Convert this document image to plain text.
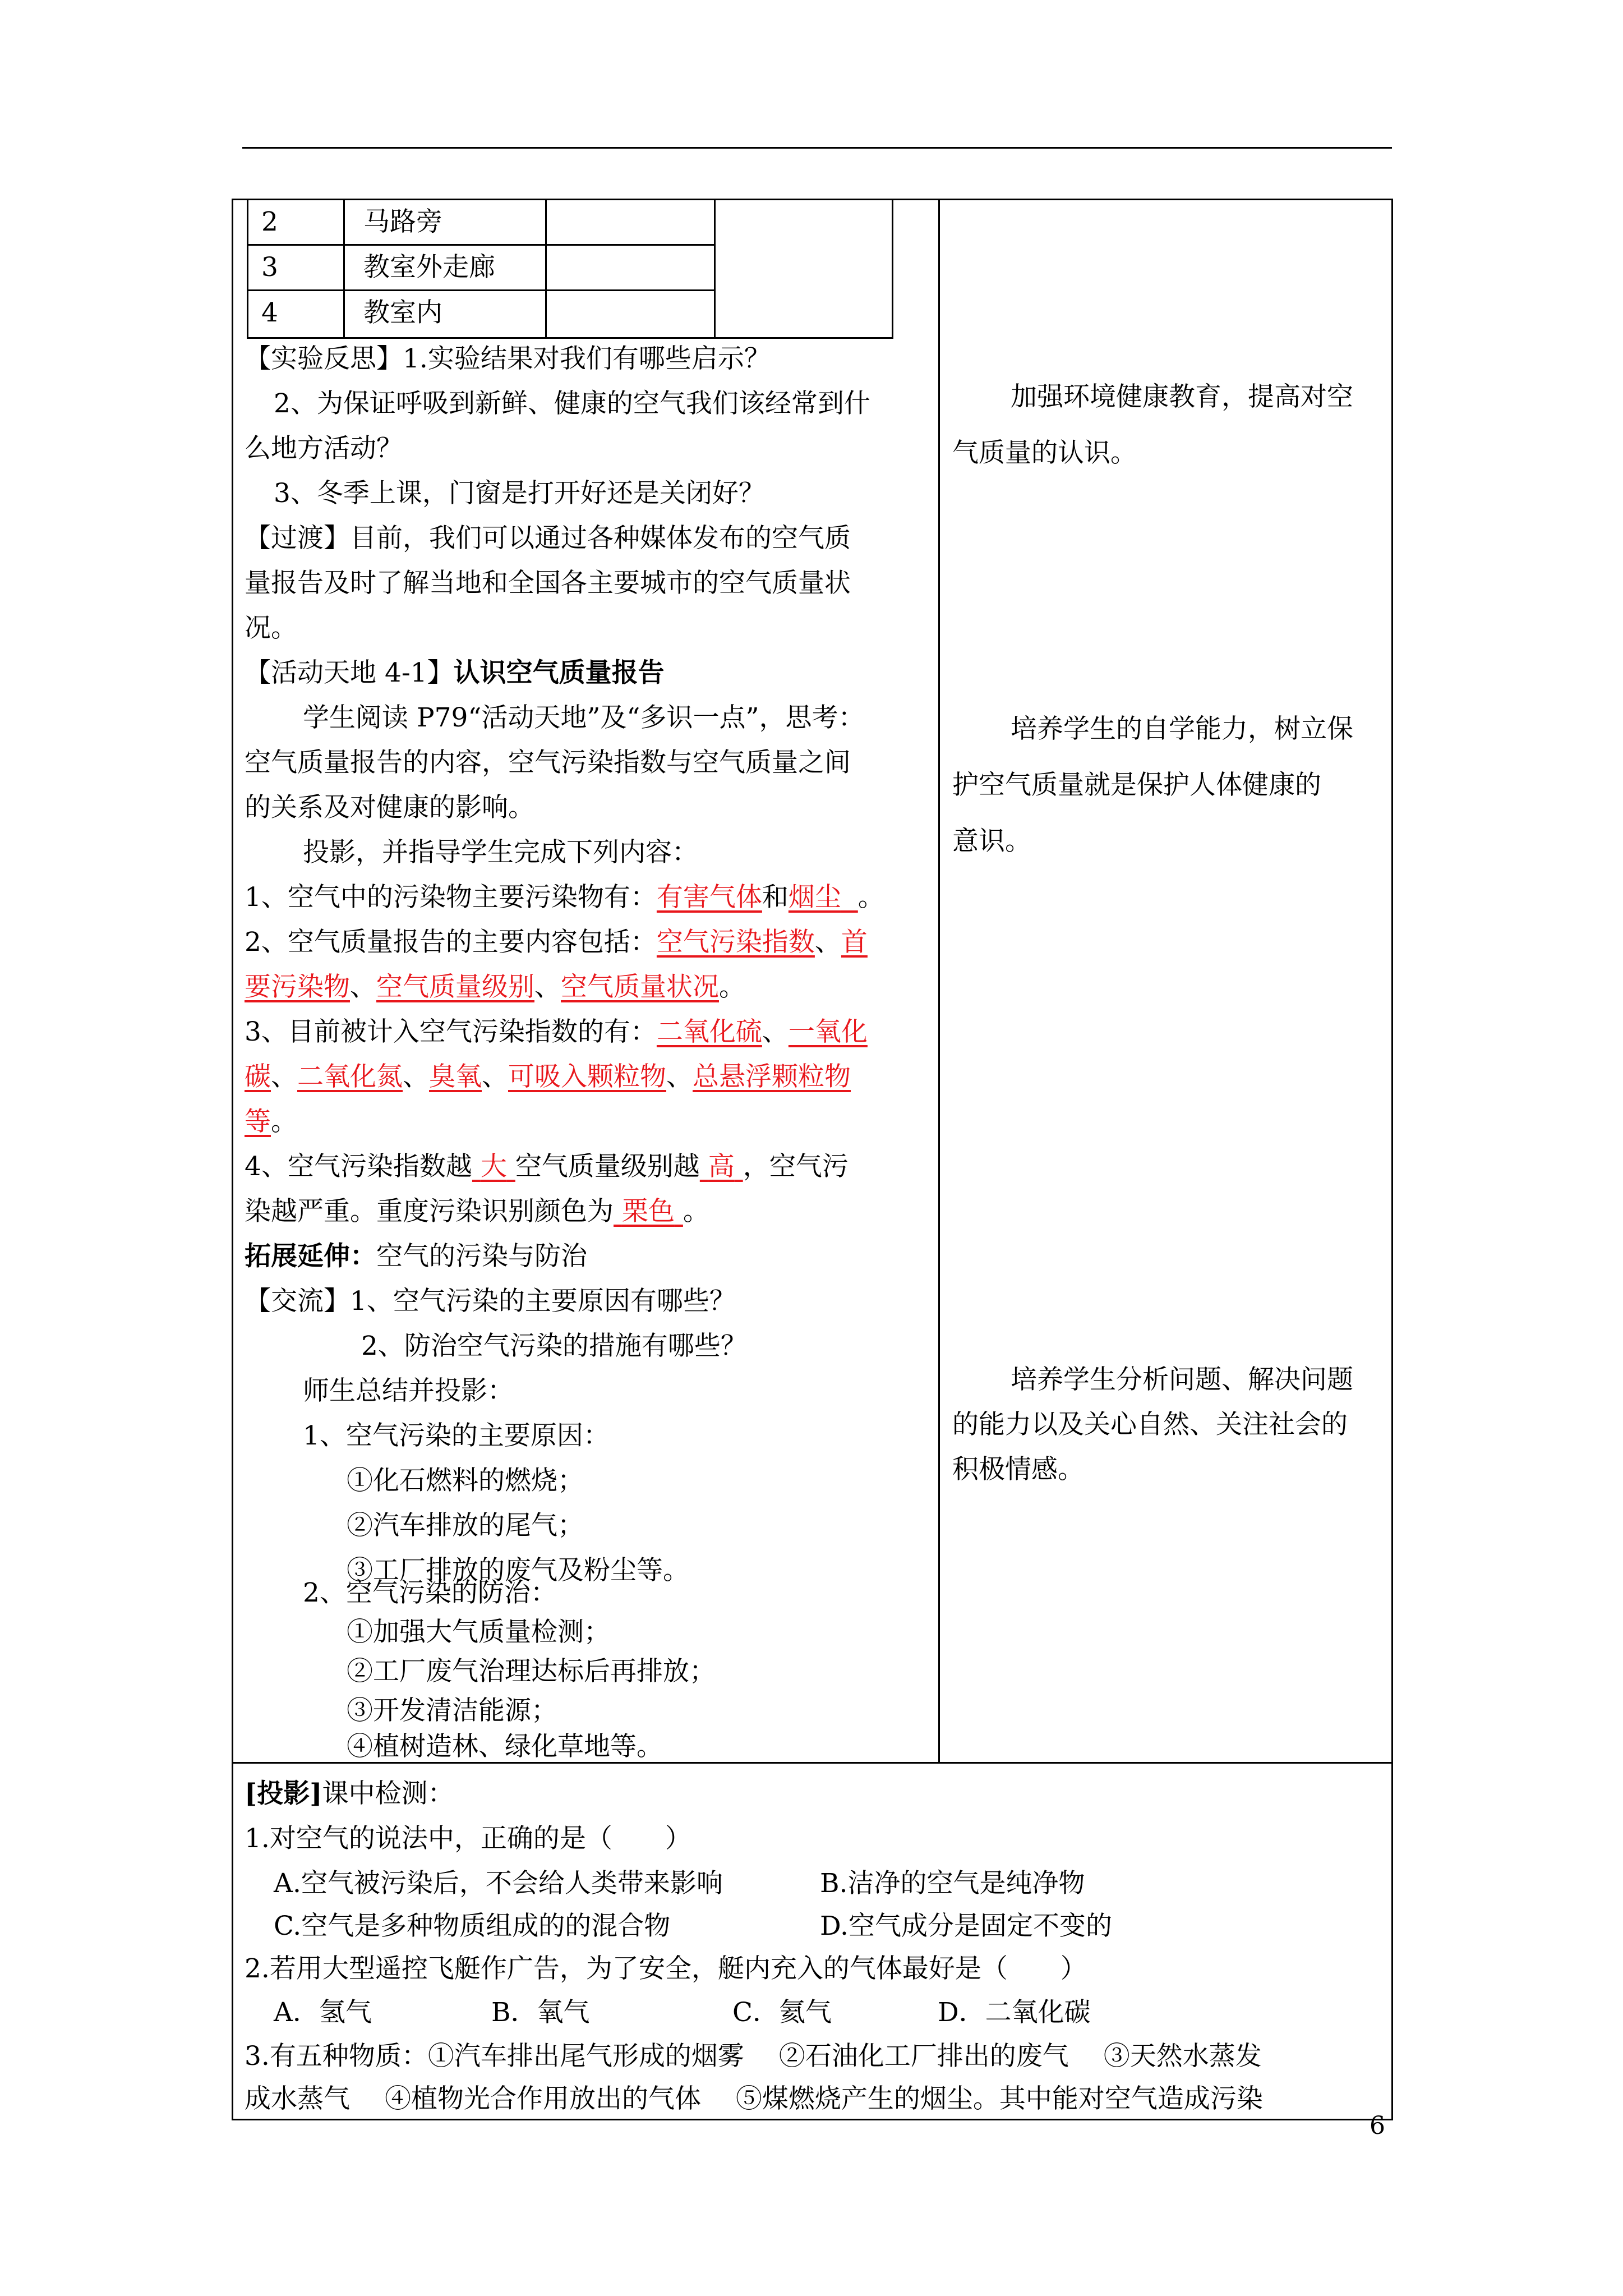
2	马路旁
3	教室外走廊
4	教室内
【实验反思】1.实验结果对我们有哪些启示？
2、为保证呼吸到新鲜、健康的空气我们该经常到什
么地方活动？
3、冬季上课，门窗是打开好还是关闭好？
【过渡】目前，我们可以通过各种媒体发布的空气质
量报告及时了解当地和全国各主要城市的空气质量状
况。
【活动天地 4-1】认识空气质量报告
学生阅读 P79“活动天地”及“多识一点”，思考：
空气质量报告的内容，空气污染指数与空气质量之间
的关系及对健康的影响。
投影，并指导学生完成下列内容：
1、空气中的污染物主要污染物有：有害气体和烟尘 。
2、空气质量报告的主要内容包括：空气污染指数、首
要污染物、空气质量级别、空气质量状况。
3、目前被计入空气污染指数的有：二氧化硫、一氧化
碳、二氧化氮、臭氧、可吸入颗粒物、总悬浮颗粒物
等。
4、空气污染指数越 大 空气质量级别越 高 ，空气污
染越严重。重度污染识别颜色为 栗色 。
拓展延伸：空气的污染与防治
【交流】1、空气污染的主要原因有哪些？
2、防治空气污染的措施有哪些？
师生总结并投影：
1、空气污染的主要原因：
①化石燃料的燃烧；
②汽车排放的尾气；
③工厂排放的废气及粉尘等。
2、空气污染的防治：
①加强大气质量检测；
②工厂废气治理达标后再排放；
加强环境健康教育，提高对空
气质量的认识。
培养学生的自学能力，树立保
护空气质量就是保护人体健康的
意识。
培养学生分析问题、解决问题
的能力以及关心自然、关注社会的
积极情感。
[投影]课中检测：
1.对空气的说法中，正确的是（　　）
A.空气被污染后，不会给人类带来影响	B.洁净的空气是纯净物
C.空气是多种物质组成的的混合物	D.空气成分是固定不变的
2.若用大型遥控飞艇作广告，为了安全，艇内充入的气体最好是（　　）
A．氢气	B．氧气	C．氦气	D．二氧化碳
3.有五种物质：①汽车排出尾气形成的烟雾　 ②石油化工厂排出的废气　 ③天然水蒸发
成水蒸气　 ④植物光合作用放出的气体　 ⑤煤燃烧产生的烟尘。其中能对空气造成污染
6
③开发清洁能源；
④植树造林、绿化草地等。
